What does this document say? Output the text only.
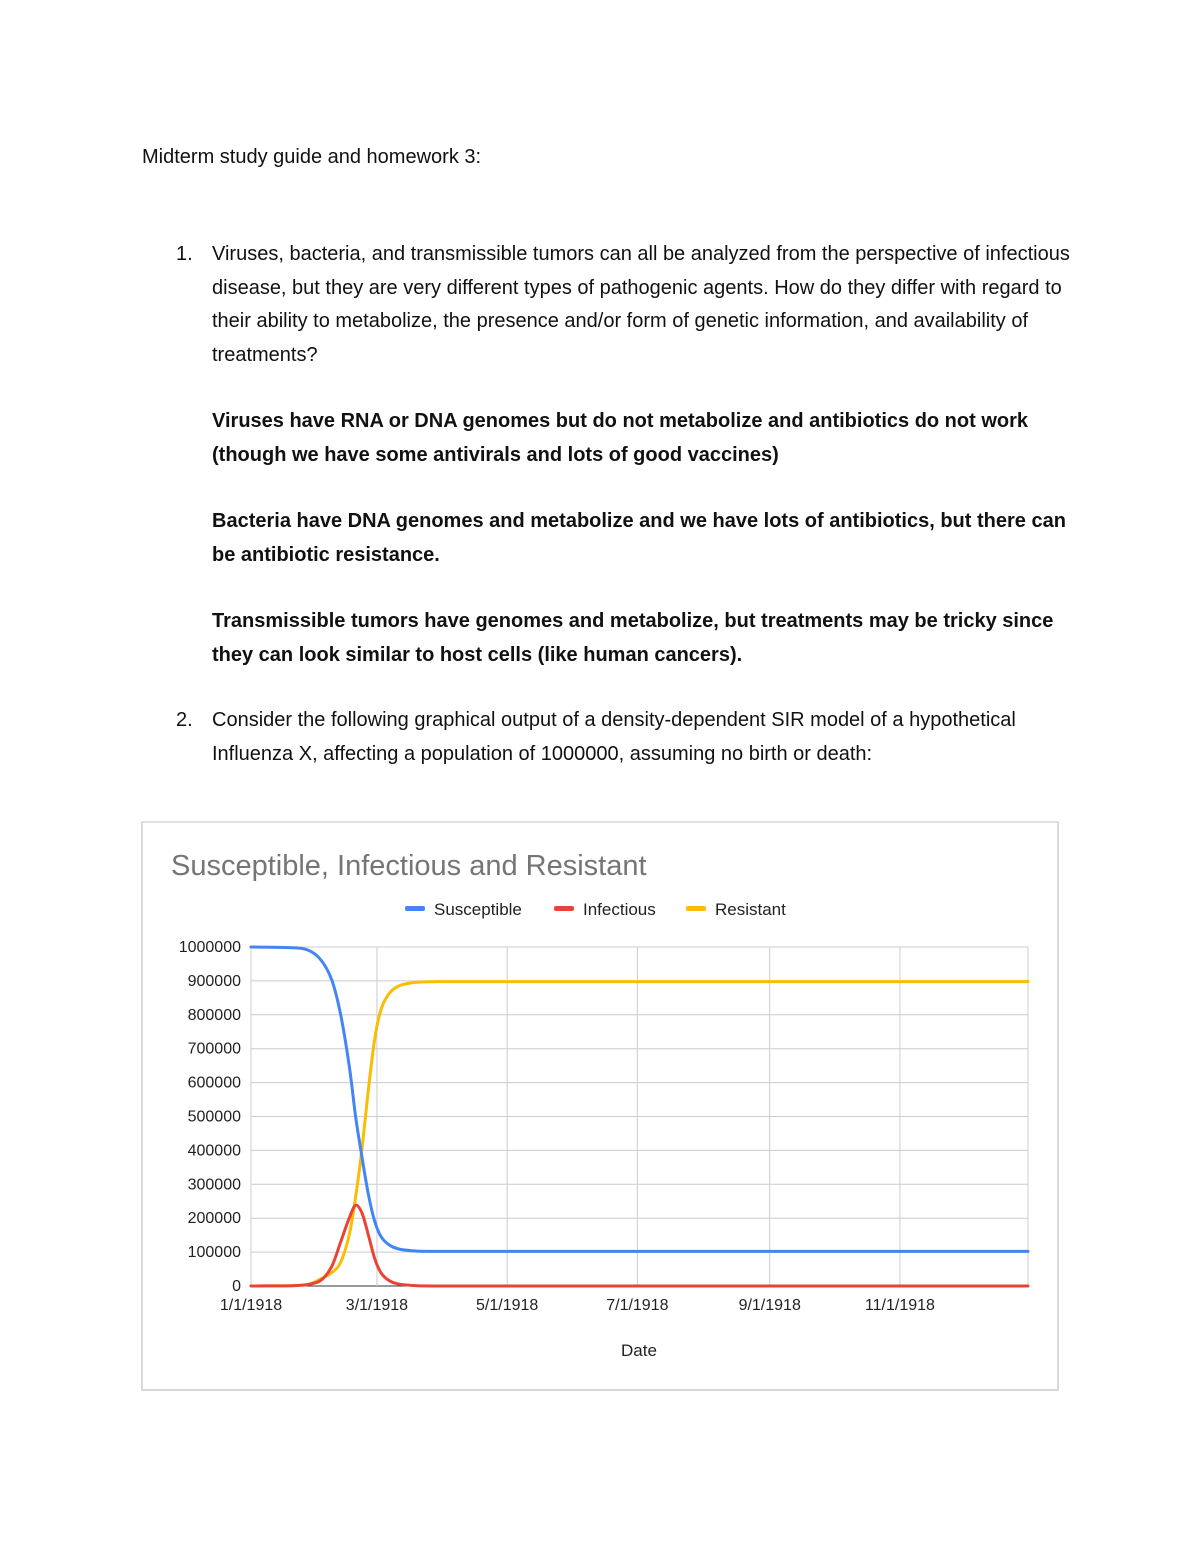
Midterm study guide and homework 3:
1. Viruses, bacteria, and transmissible tumors can all be analyzed from the perspective of infectious disease, but they are very different types of pathogenic agents. How do they differ with regard to their ability to metabolize, the presence and/or form of genetic information, and availability of treatments?
Viruses have RNA or DNA genomes but do not metabolize and antibiotics do not work (though we have some antivirals and lots of good vaccines)
Bacteria have DNA genomes and metabolize and we have lots of antibiotics, but there can be antibiotic resistance.
Transmissible tumors have genomes and metabolize, but treatments may be tricky since they can look similar to host cells (like human cancers).
2. Consider the following graphical output of a density-dependent SIR model of a hypothetical Influenza X, affecting a population of 1000000, assuming no birth or death:
Susceptible, Infectious and Resistant
Susceptible	Infectious	Resistant
0
100000
200000
300000
400000
500000
600000
700000
800000
900000
1000000
1/1/1918	3/1/1918	5/1/1918	7/1/1918	9/1/1918	11/1/1918
Date
